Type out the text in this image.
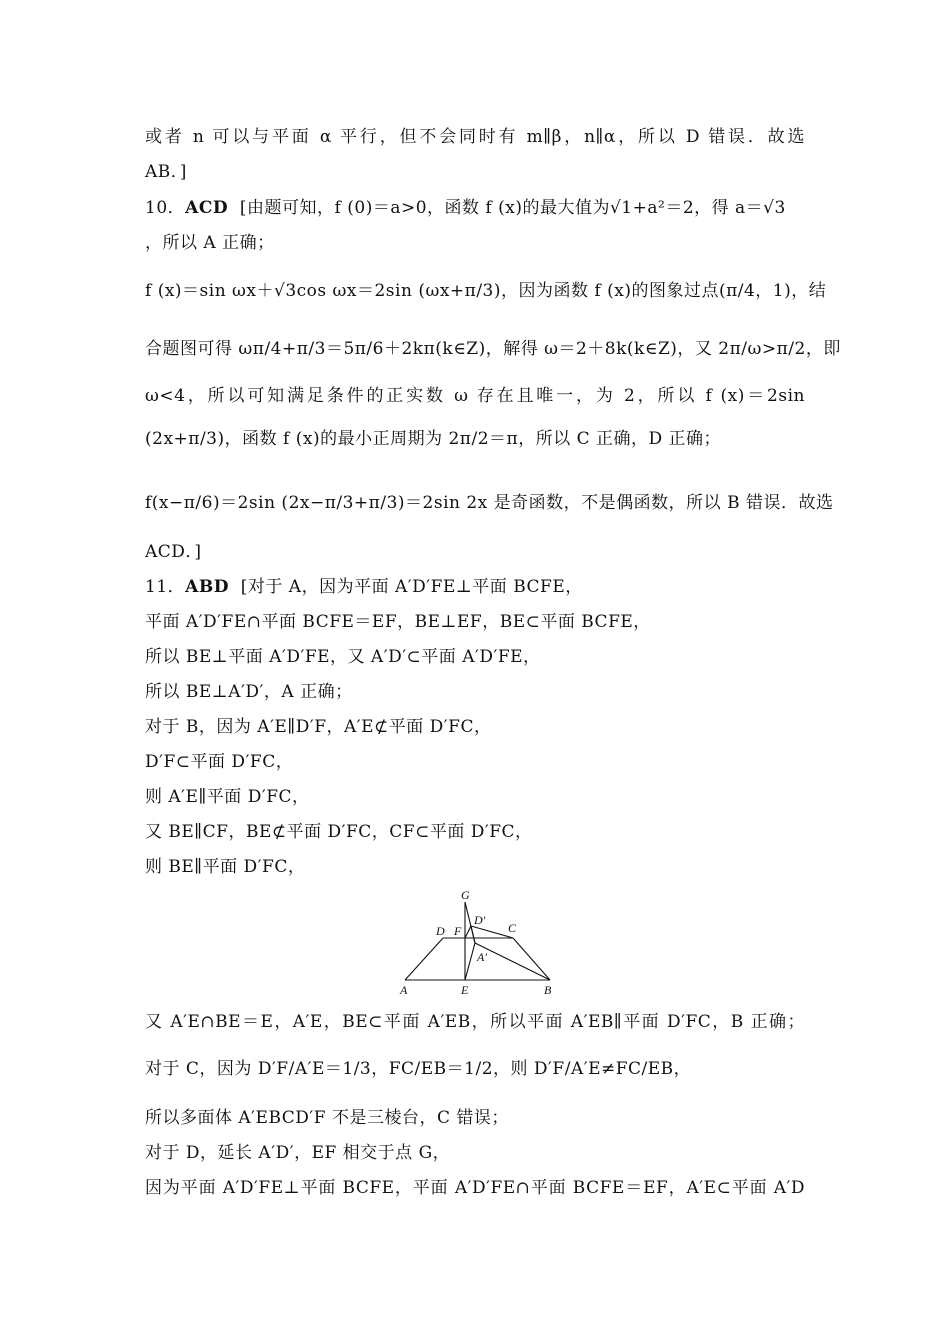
或者 n 可以与平面 α 平行，但不会同时有 m∥β，n∥α，所以 D 错误．故选
AB．]
10．ACD [由题可知，f (0)＝a>0，函数 f (x)的最大值为√1+a²＝2，得 a＝√3
，所以 A 正确；
f (x)＝sin ωx＋√3cos ωx＝2sin (ωx+π/3)，因为函数 f (x)的图象过点(π/4，1)，结
合题图可得 ωπ/4+π/3＝5π/6＋2kπ(k∈Z)，解得 ω＝2＋8k(k∈Z)，又 2π/ω>π/2，即
ω<4，所以可知满足条件的正实数 ω 存在且唯一，为 2，所以 f (x)＝2sin
(2x+π/3)，函数 f (x)的最小正周期为 2π/2＝π，所以 C 正确，D 正确；
f(x−π/6)＝2sin (2x−π/3+π/3)＝2sin 2x 是奇函数，不是偶函数，所以 B 错误．故选
ACD．]
11．ABD [对于 A，因为平面 A′D′FE⊥平面 BCFE，
平面 A′D′FE∩平面 BCFE＝EF，BE⊥EF，BE⊂平面 BCFE，
所以 BE⊥平面 A′D′FE，又 A′D′⊂平面 A′D′FE，
所以 BE⊥A′D′，A 正确；
对于 B，因为 A′E∥D′F，A′E⊄平面 D′FC，
D′F⊂平面 D′FC，
则 A′E∥平面 D′FC，
又 BE∥CF，BE⊄平面 D′FC，CF⊂平面 D′FC，
则 BE∥平面 D′FC，
G
D′
C
D F
A′
A	E	B
又 A′E∩BE＝E，A′E，BE⊂平面 A′EB，所以平面 A′EB∥平面 D′FC，B 正确；
对于 C，因为 D′F/A′E＝1/3，FC/EB＝1/2，则 D′F/A′E≠FC/EB，
所以多面体 A′EBCD′F 不是三棱台，C 错误；
对于 D，延长 A′D′，EF 相交于点 G，
因为平面 A′D′FE⊥平面 BCFE，平面 A′D′FE∩平面 BCFE＝EF，A′E⊂平面 A′D
